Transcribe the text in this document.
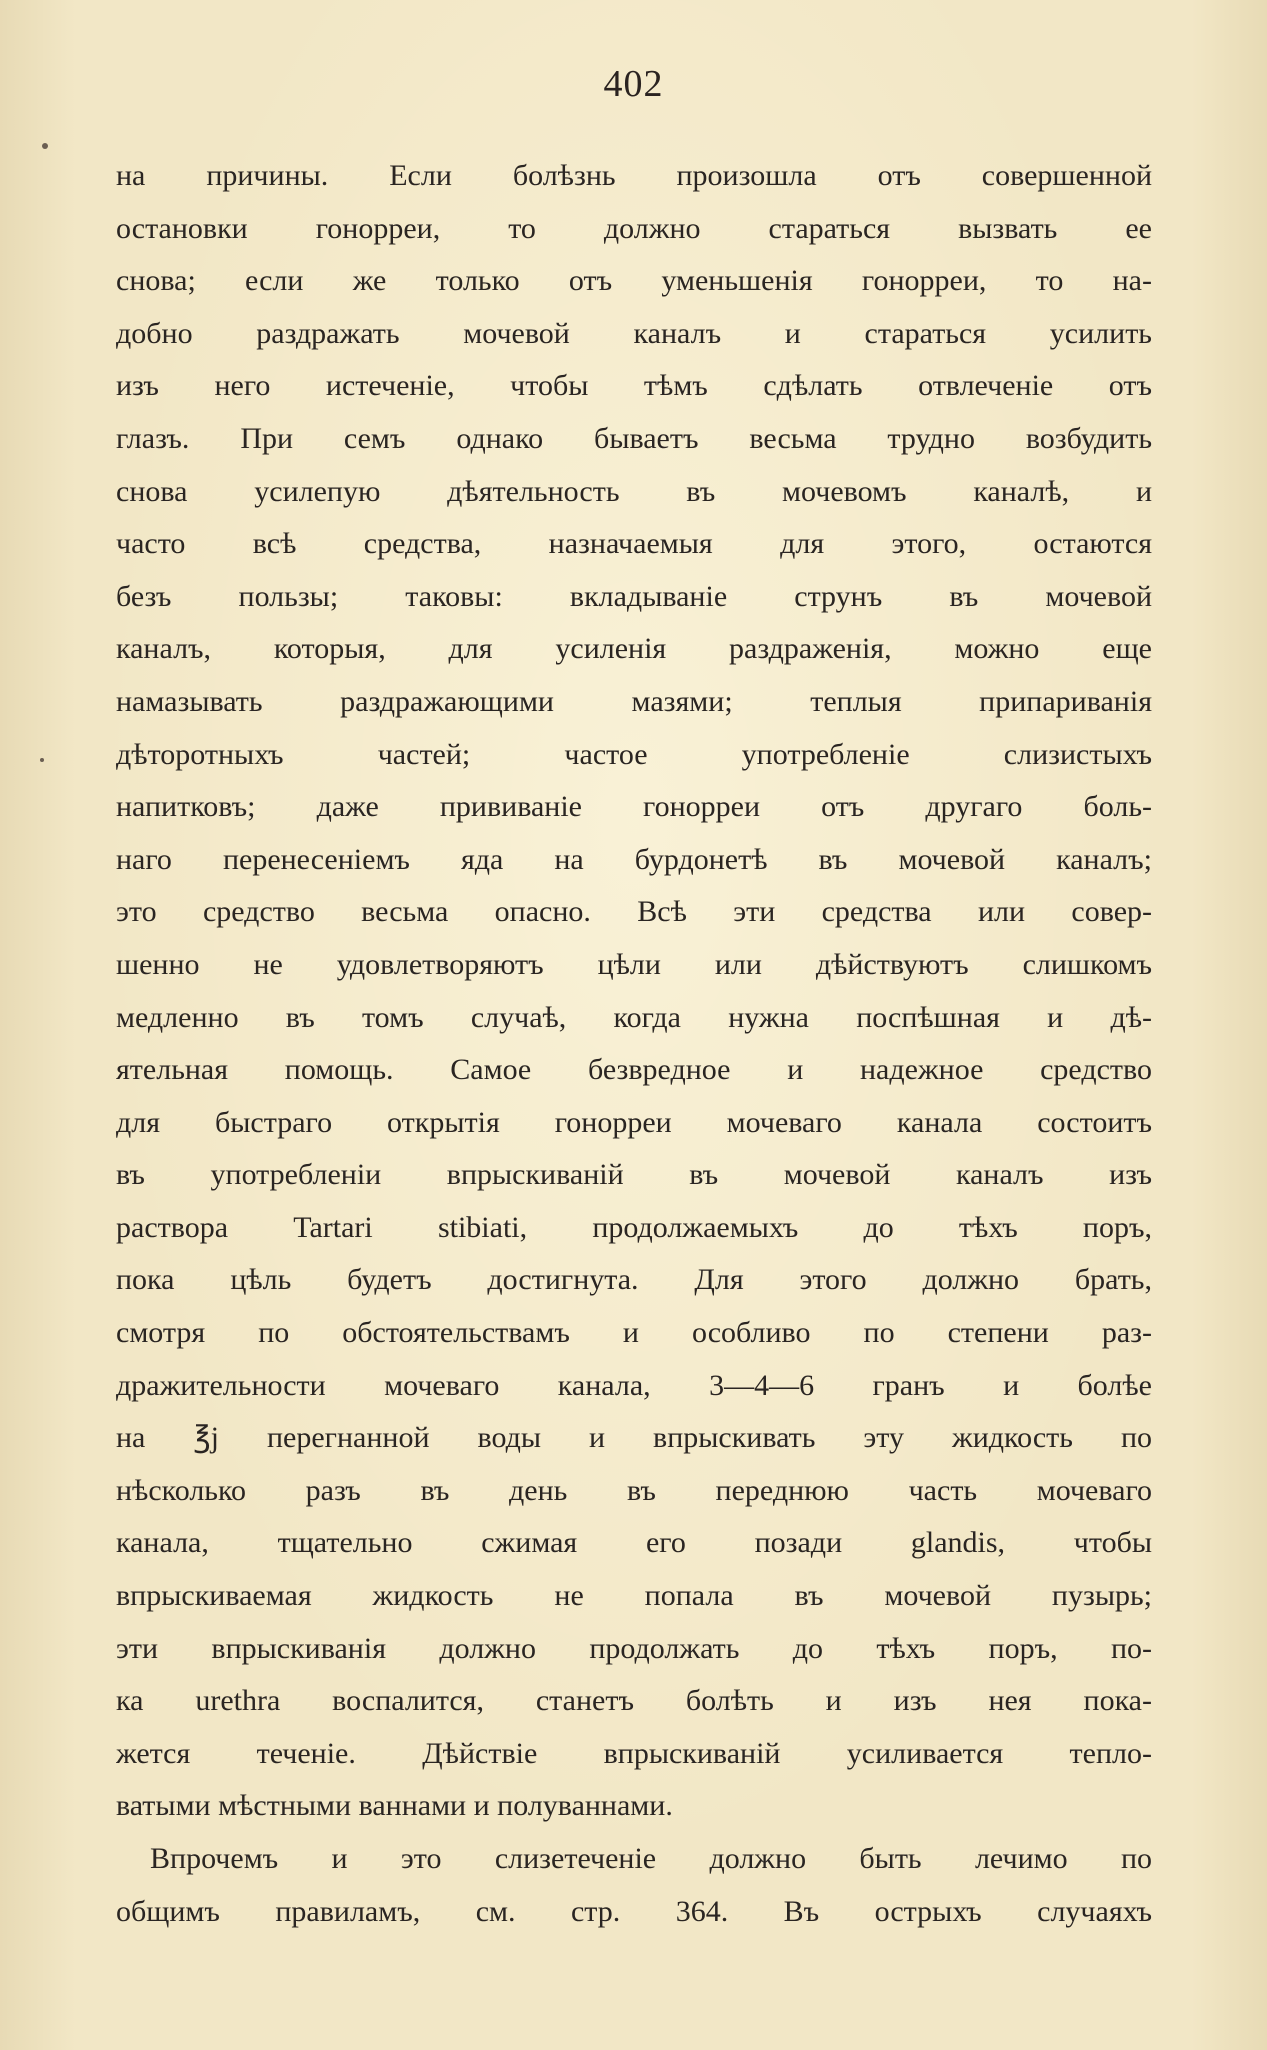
402
на причины. Если болѣзнь произошла отъ совершенной
остановки гонорреи, то должно стараться вызвать ее
снова; если же только отъ уменьшенія гонорреи, то на-
добно раздражать мочевой каналъ и стараться усилить
изъ него истеченіе, чтобы тѣмъ сдѣлать отвлеченіе отъ
глазъ. При семъ однако бываетъ весьма трудно возбудить
снова усилепую дѣятельность въ мочевомъ каналѣ, и
часто всѣ средства, назначаемыя для этого, остаются
безъ пользы; таковы: вкладываніе струнъ въ мочевой
каналъ, которыя, для усиленія раздраженія, можно еще
намазывать раздражающими мазями; теплыя припариванія
дѣторотныхъ частей; частое употребленіе слизистыхъ
напитковъ; даже прививаніе гонорреи отъ другаго боль-
наго перенесеніемъ яда на бурдонетѣ въ мочевой каналъ;
это средство весьма опасно. Всѣ эти средства или совер-
шенно не удовлетворяютъ цѣли или дѣйствуютъ слишкомъ
медленно въ томъ случаѣ, когда нужна поспѣшная и дѣ-
ятельная помощь. Самое безвредное и надежное средство
для быстраго открытія гонорреи мочеваго канала состоитъ
въ употребленіи впрыскиваній въ мочевой каналъ изъ
раствора Tartari stibiati, продолжаемыхъ до тѣхъ поръ,
пока цѣль будетъ достигнута. Для этого должно брать,
смотря по обстоятельствамъ и особливо по степени раз-
дражительности мочеваго канала, 3—4—6 гранъ и болѣе
на ℥j перегнанной воды и впрыскивать эту жидкость по
нѣсколько разъ въ день въ переднюю часть мочеваго
канала, тщательно сжимая его позади glandis, чтобы
впрыскиваемая жидкость не попала въ мочевой пузырь;
эти впрыскиванія должно продолжать до тѣхъ поръ, по-
ка urethra воспалится, станетъ болѣть и изъ нея пока-
жется теченіе. Дѣйствіе впрыскиваній усиливается тепло-
ватыми мѣстными ваннами и полуваннами.
Впрочемъ и это слизетеченіе должно быть лечимо по
общимъ правиламъ, см. стр. 364. Въ острыхъ случаяхъ
